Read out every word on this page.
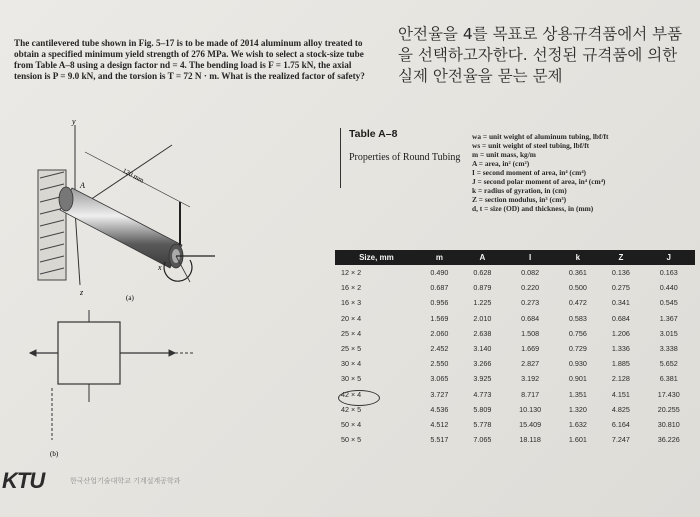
The cantilevered tube shown in Fig. 5–17 is to be made of 2014 aluminum alloy treated to obtain a specified minimum yield strength of 276 MPa. We wish to select a stock-size tube from Table A–8 using a design factor nd = 4. The bending load is F = 1.75 kN, the axial tension is P = 9.0 kN, and the torsion is T = 72 N · m. What is the realized factor of safety?
안전율을 4를 목표로 상용규격품에서 부품을 선택하고자한다. 선정된 규격품에 의한 실제 안전율을 묻는 문제
120 mm
A
x
y
z
(a)
(b)
Table A–8
Properties of Round Tubing
wa = unit weight of aluminum tubing, lbf/ft
ws = unit weight of steel tubing, lbf/ft
m = unit mass, kg/m
A = area, in² (cm²)
I = second moment of area, in⁴ (cm⁴)
J = second polar moment of area, in⁴ (cm⁴)
k = radius of gyration, in (cm)
Z = section modulus, in³ (cm³)
d, t = size (OD) and thickness, in (mm)
Size, mm	m	A	I	k	Z	J
12 × 2	0.490	0.628	0.082	0.361	0.136	0.163
16 × 2	0.687	0.879	0.220	0.500	0.275	0.440
16 × 3	0.956	1.225	0.273	0.472	0.341	0.545
20 × 4	1.569	2.010	0.684	0.583	0.684	1.367
25 × 4	2.060	2.638	1.508	0.756	1.206	3.015
25 × 5	2.452	3.140	1.669	0.729	1.336	3.338
30 × 4	2.550	3.266	2.827	0.930	1.885	5.652
30 × 5	3.065	3.925	3.192	0.901	2.128	6.381
42 × 4	3.727	4.773	8.717	1.351	4.151	17.430
42 × 5	4.536	5.809	10.130	1.320	4.825	20.255
50 × 4	4.512	5.778	15.409	1.632	6.164	30.810
50 × 5	5.517	7.065	18.118	1.601	7.247	36.226
KTU	한국산업기술대학교 기계설계공학과
